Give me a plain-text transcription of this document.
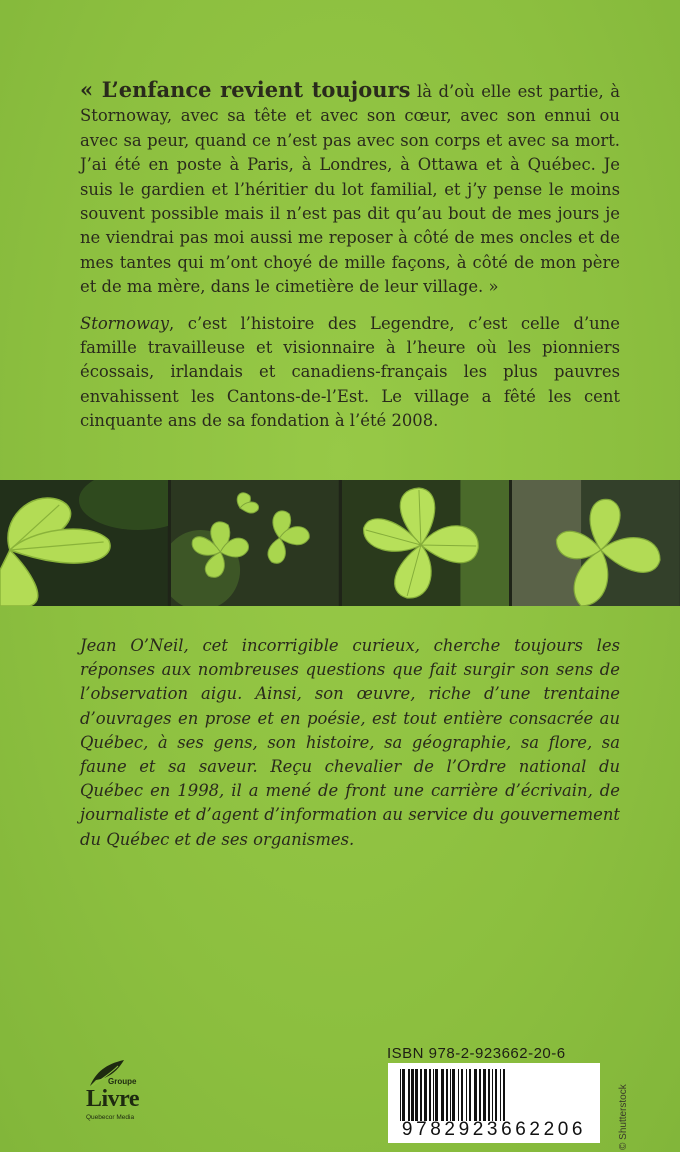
« L’enfance revient toujours là d’où elle est partie, à Stornoway, avec sa tête et avec son cœur, avec son ennui ou avec sa peur, quand ce n’est pas avec son corps et avec sa mort. J’ai été en poste à Paris, à Londres, à Ottawa et à Québec. Je suis le gardien et l’héritier du lot familial, et j’y pense le moins souvent possible mais il n’est pas dit qu’au bout de mes jours je ne viendrai pas moi aussi me reposer à côté de mes oncles et de mes tantes qui m’ont choyé de mille façons, à côté de mon père et de ma mère, dans le cimetière de leur village. »

Stornoway, c’est l’histoire des Legendre, c’est celle d’une famille travailleuse et visionnaire à l’heure où les pionniers écossais, irlandais et canadiens-français les plus pauvres envahissent les Cantons-de-l’Est. Le village a fêté les cent cinquante ans de sa fondation à l’été 2008.

Jean O’Neil, cet incorrigible curieux, cherche toujours les réponses aux nombreuses questions que fait surgir son sens de l’observation aigu. Ainsi, son œuvre, riche d’une trentaine d’ouvrages en prose et en poésie, est tout entière consacrée au Québec, à ses gens, son histoire, sa géographie, sa flore, sa faune et sa saveur. Reçu chevalier de l’Ordre national du Québec en 1998, il a mené de front une carrière d’écrivain, de journaliste et d’agent d’information au service du gouvernement du Québec et de ses organismes.

Groupe
Livre
Quebecor Media
ISBN 978-2-923662-20-6
9782923662206	© Shutterstock
